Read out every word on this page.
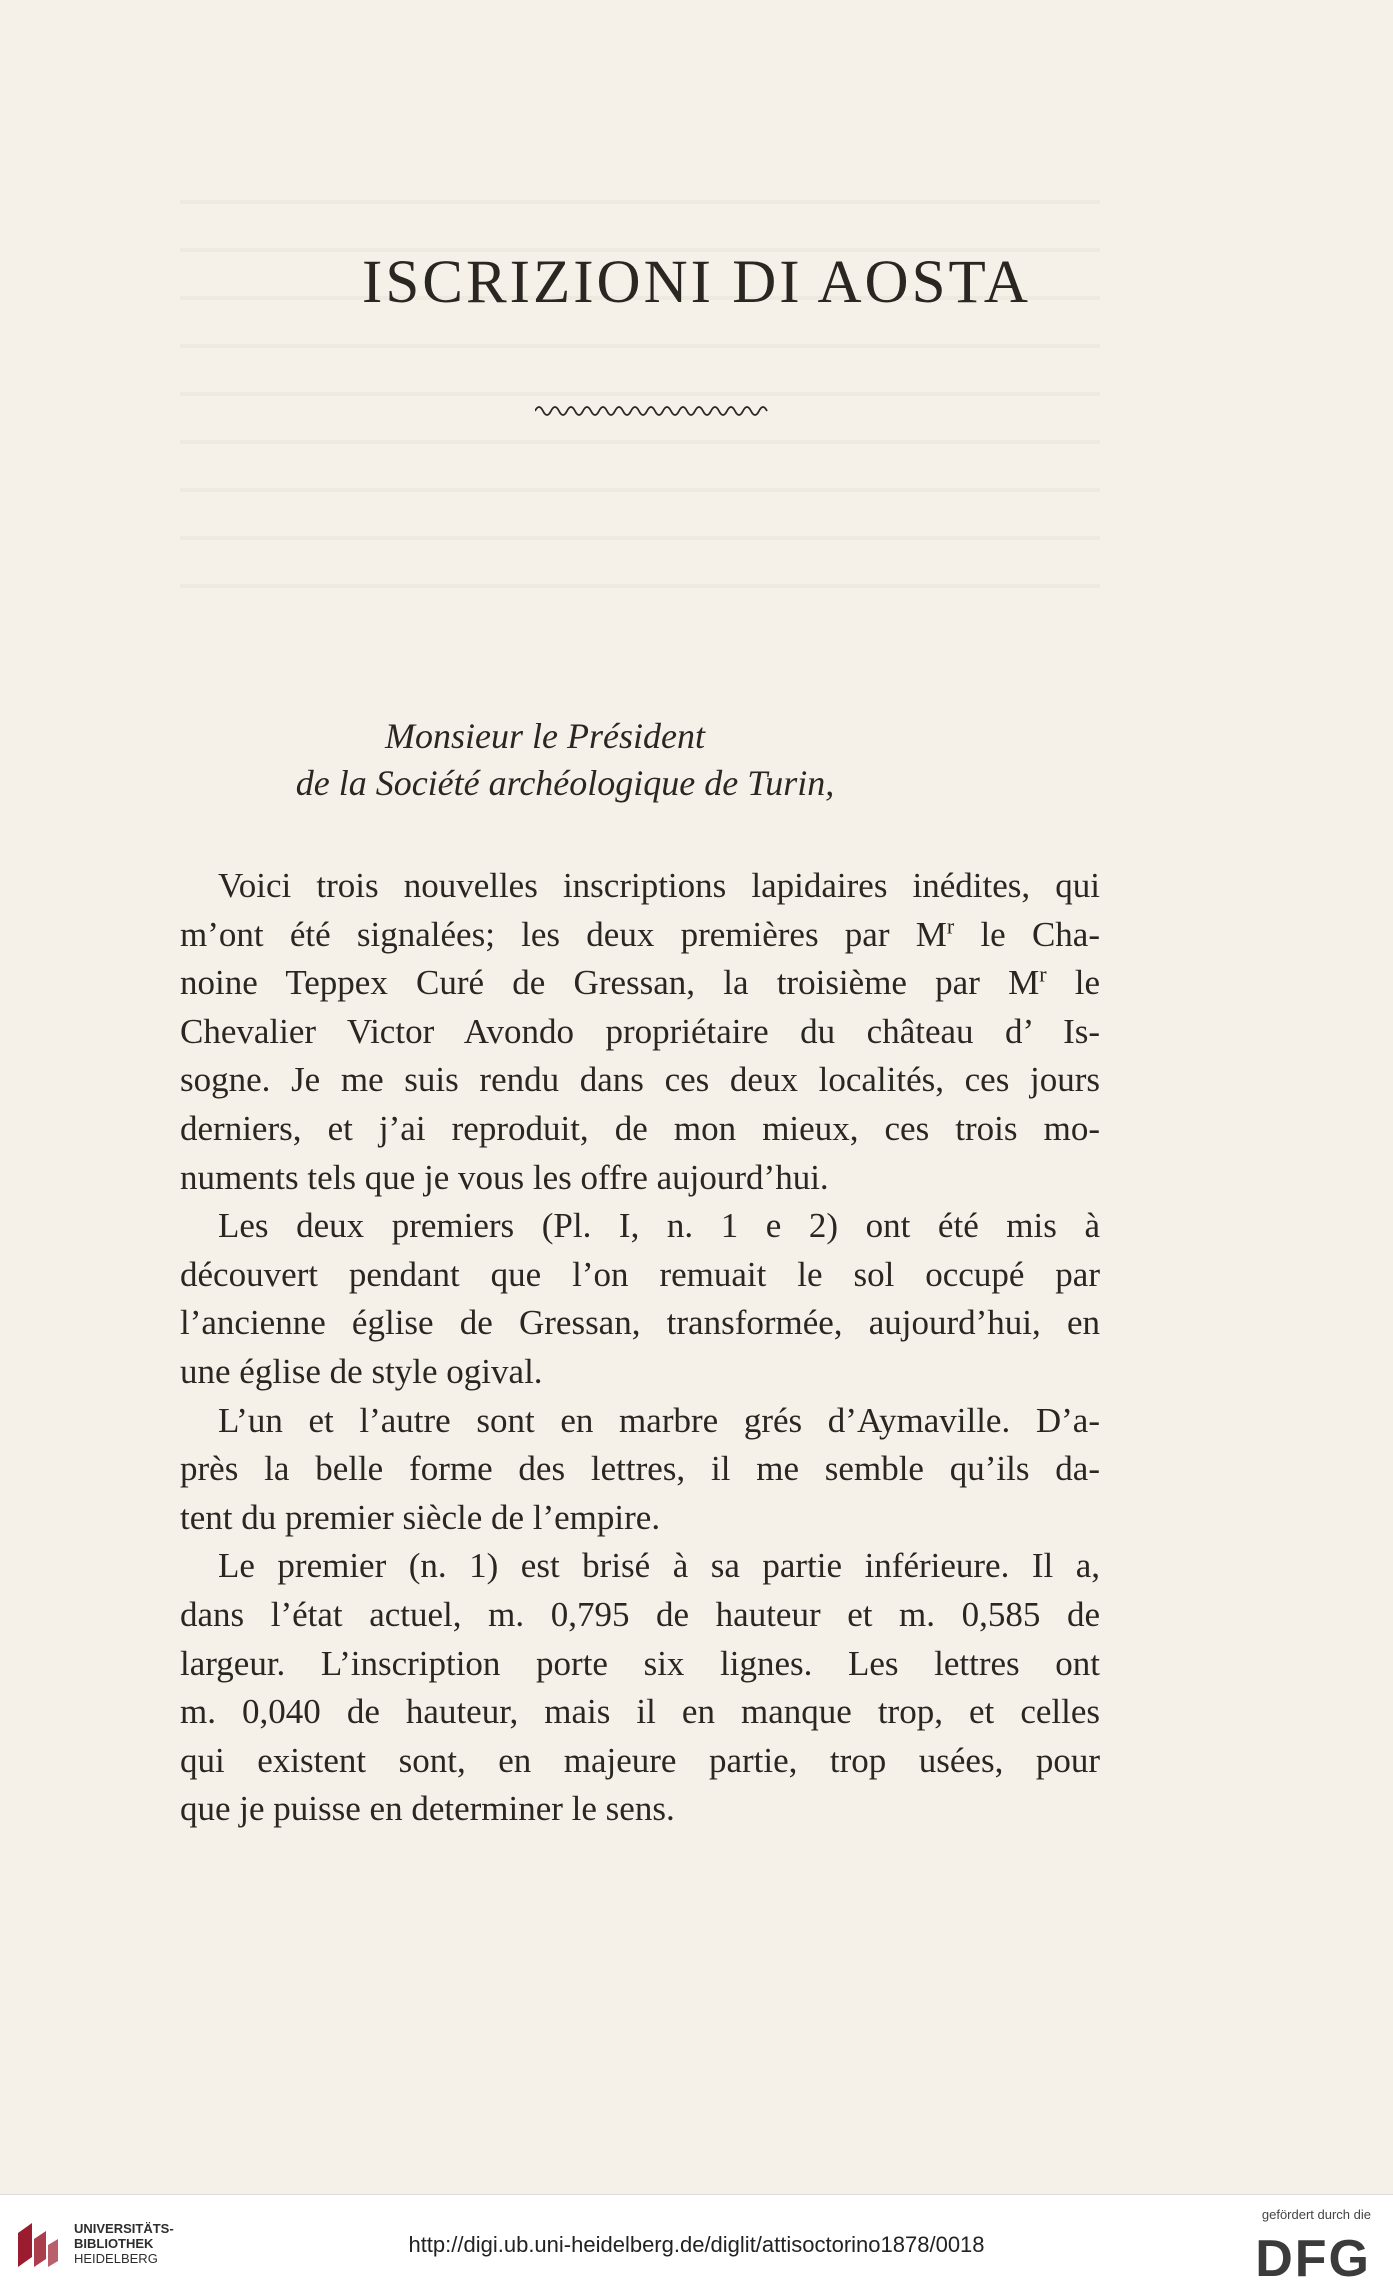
ISCRIZIONI DI AOSTA
Monsieur le Président
de la Société archéologique de Turin,

Voici trois nouvelles inscriptions lapidaires inédites, qui
m’ont été signalées; les deux premières par $M^r$ le Cha-
noine Teppex Curé de Gressan, la troisième par $M^r$ le
Chevalier Victor Avondo propriétaire du château d’ Is-
sogne. Je me suis rendu dans ces deux localités, ces jours
derniers, et j’ai reproduit, de mon mieux, ces trois mo-
numents tels que je vous les offre aujourd’hui.

Les deux premiers (Pl. I, n. 1 e 2) ont été mis à
découvert pendant que l’on remuait le sol occupé par
l’ancienne église de Gressan, transformée, aujourd’hui, en
une église de style ogival.

L’un et l’autre sont en marbre grés d’Aymaville. D’a-
près la belle forme des lettres, il me semble qu’ils da-
tent du premier siècle de l’empire.

Le premier (n. 1) est brisé à sa partie inférieure. Il a,
dans l’état actuel, m. 0,795 de hauteur et m. 0,585 de
largeur. L’inscription porte six lignes. Les lettres ont
m. 0,040 de hauteur, mais il en manque trop, et celles
qui existent sont, en majeure partie, trop usées, pour
que je puisse en determiner le sens.

UNIVERSITÄTS-
BIBLIOTHEK
HEIDELBERG
http://digi.ub.uni-heidelberg.de/diglit/attisoctorino1878/0018
gefördert durch die
DFG
